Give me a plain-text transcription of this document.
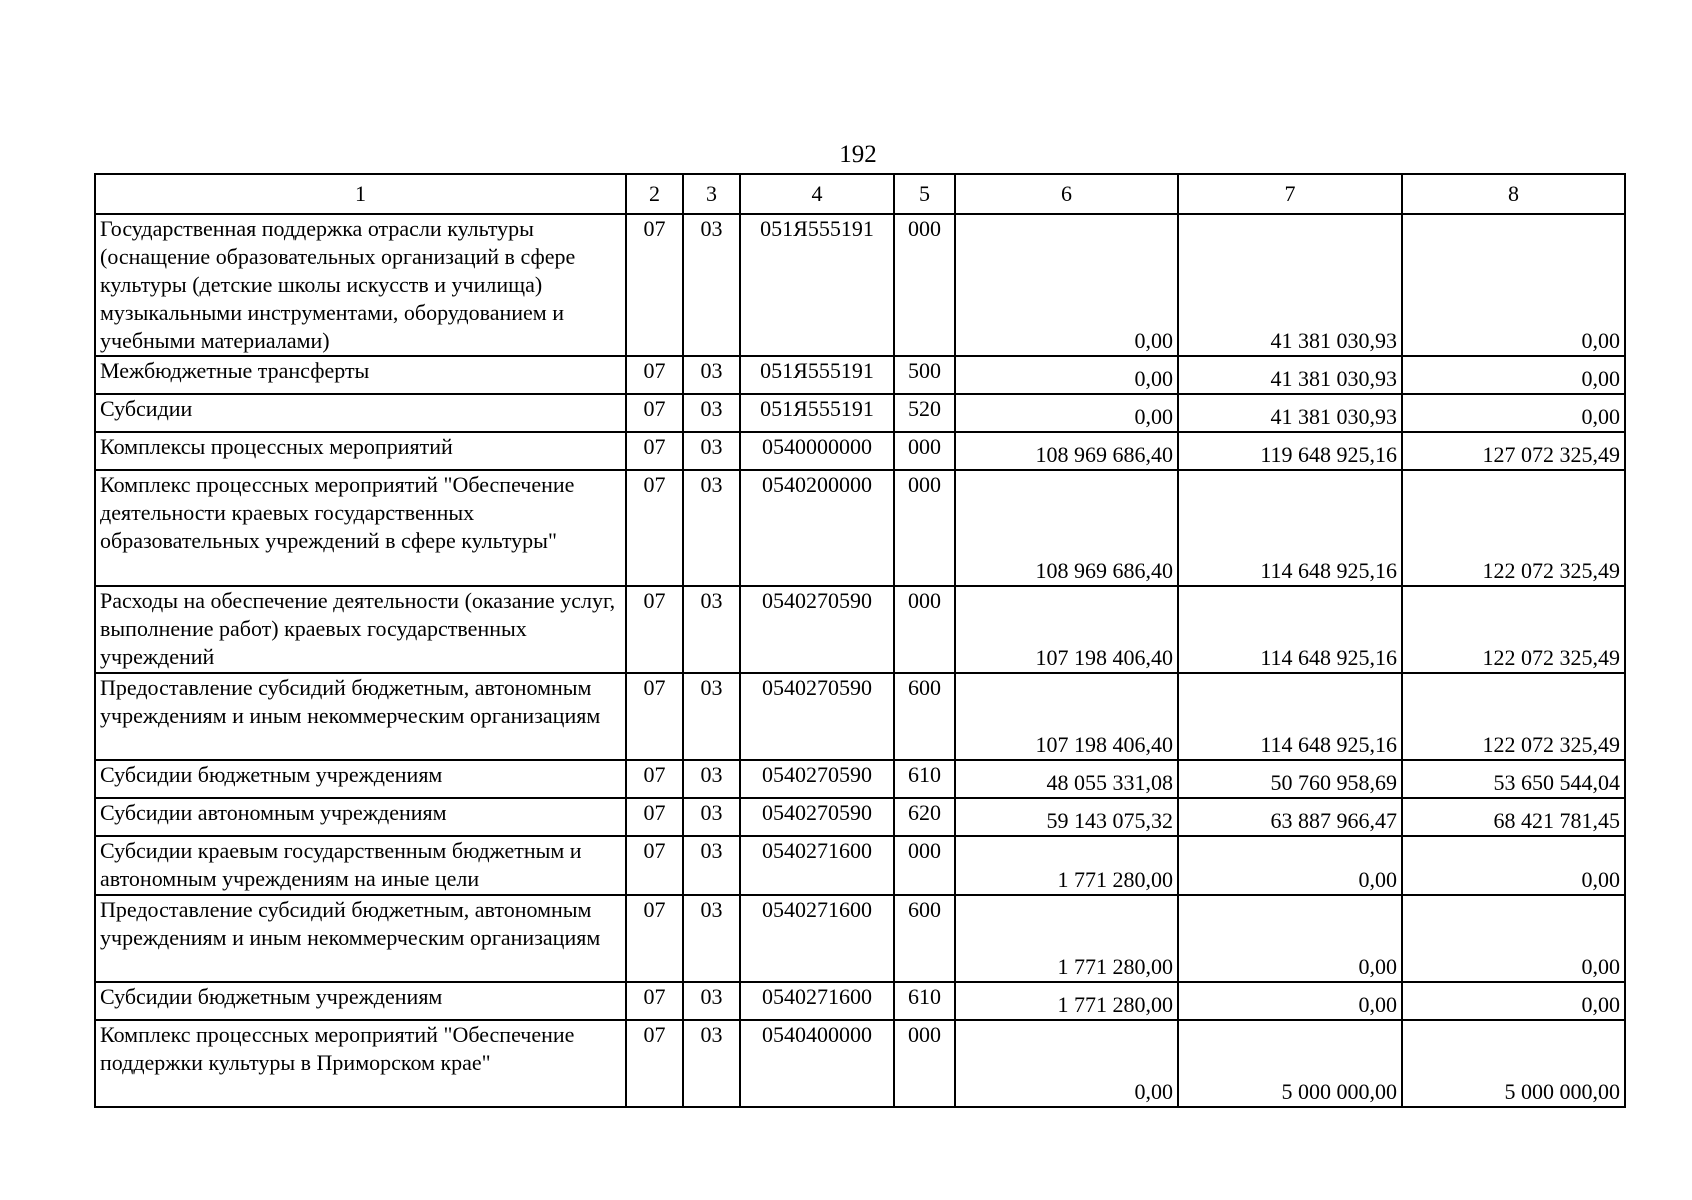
192
1	2	3	4	5	6	7	8
Государственная поддержка отрасли культуры (оснащение образовательных организаций в сфере культуры (детские школы искусств и училища) музыкальными инструментами, оборудованием и учебными материалами)	07	03	051Я555191	000	0,00	41 381 030,93	0,00
Межбюджетные трансферты	07	03	051Я555191	500	0,00	41 381 030,93	0,00
Субсидии	07	03	051Я555191	520	0,00	41 381 030,93	0,00
Комплексы процессных мероприятий	07	03	0540000000	000	108 969 686,40	119 648 925,16	127 072 325,49
Комплекс процессных мероприятий "Обеспечение деятельности краевых государственных образовательных учреждений в сфере культуры"	07	03	0540200000	000	108 969 686,40	114 648 925,16	122 072 325,49
Расходы на обеспечение деятельности (оказание услуг, выполнение работ) краевых государственных учреждений	07	03	0540270590	000	107 198 406,40	114 648 925,16	122 072 325,49
Предоставление субсидий бюджетным, автономным учреждениям и иным некоммерческим организациям	07	03	0540270590	600	107 198 406,40	114 648 925,16	122 072 325,49
Субсидии бюджетным учреждениям	07	03	0540270590	610	48 055 331,08	50 760 958,69	53 650 544,04
Субсидии автономным учреждениям	07	03	0540270590	620	59 143 075,32	63 887 966,47	68 421 781,45
Субсидии краевым государственным бюджетным и автономным учреждениям на иные цели	07	03	0540271600	000	1 771 280,00	0,00	0,00
Предоставление субсидий бюджетным, автономным учреждениям и иным некоммерческим организациям	07	03	0540271600	600	1 771 280,00	0,00	0,00
Субсидии бюджетным учреждениям	07	03	0540271600	610	1 771 280,00	0,00	0,00
Комплекс процессных мероприятий "Обеспечение поддержки культуры в Приморском крае"	07	03	0540400000	000	0,00	5 000 000,00	5 000 000,00
